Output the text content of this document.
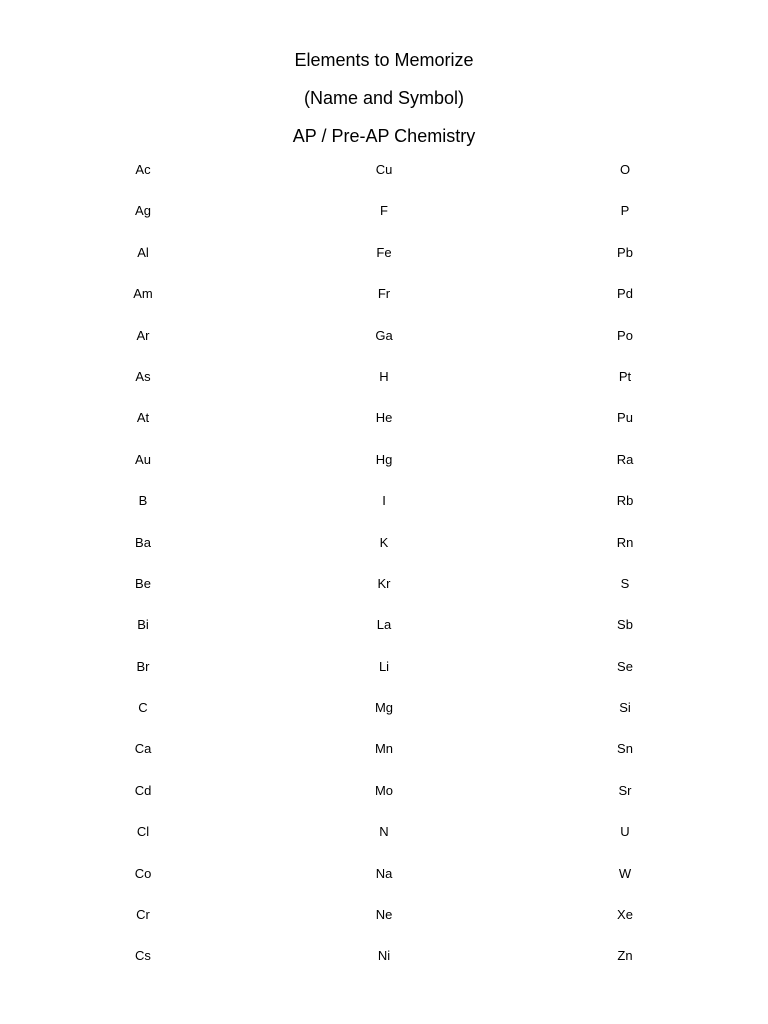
Elements to Memorize
(Name and Symbol)
AP / Pre-AP Chemistry
Ac
Ag
Al
Am
Ar
As
At
Au
B
Ba
Be
Bi
Br
C
Ca
Cd
Cl
Co
Cr
Cs
Cu
F
Fe
Fr
Ga
H
He
Hg
I
K
Kr
La
Li
Mg
Mn
Mo
N
Na
Ne
Ni
O
P
Pb
Pd
Po
Pt
Pu
Ra
Rb
Rn
S
Sb
Se
Si
Sn
Sr
U
W
Xe
Zn
